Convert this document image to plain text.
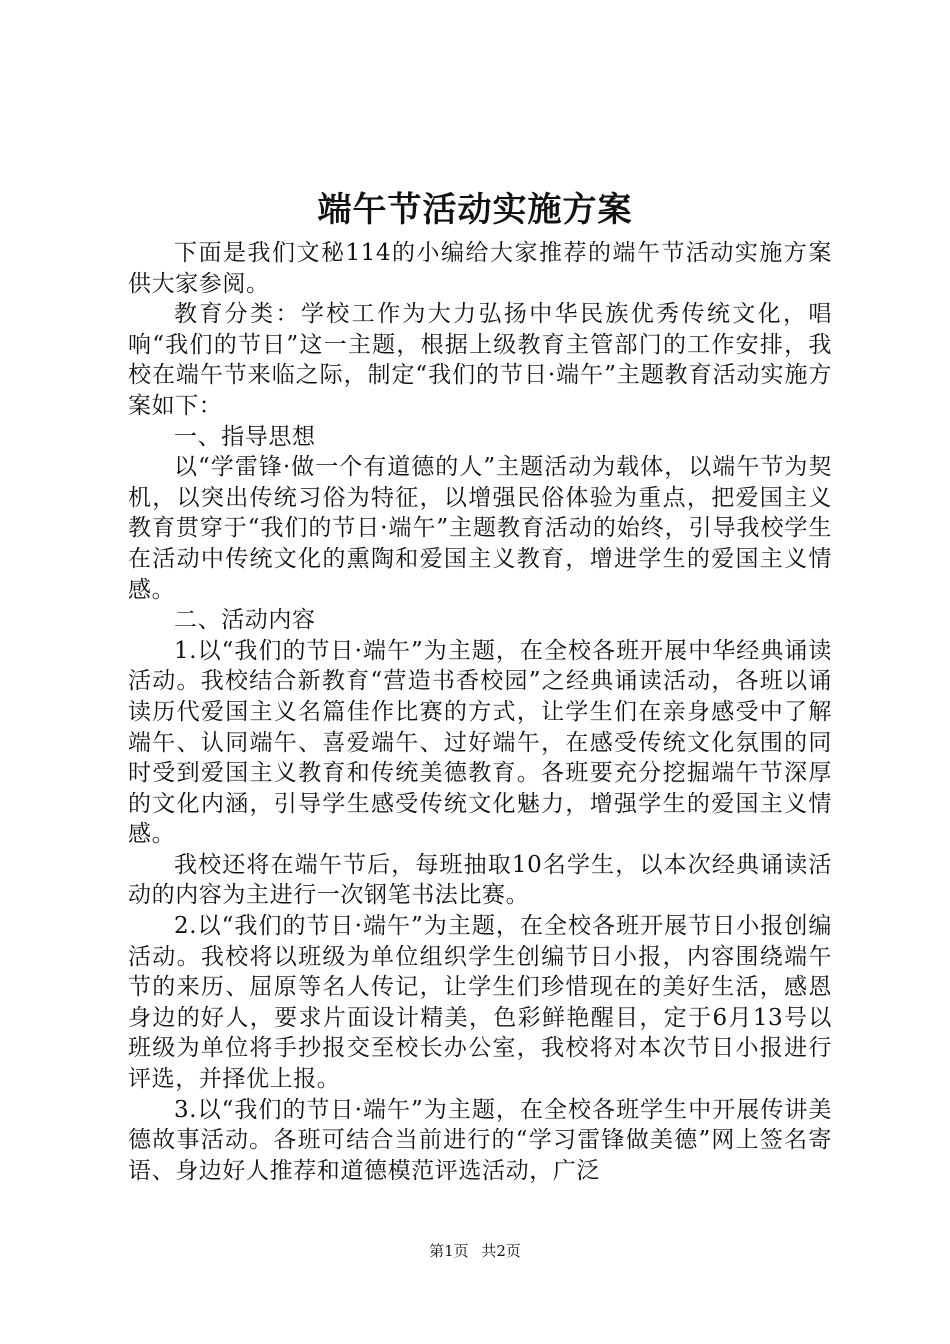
端午节活动实施方案

下面是我们文秘114的小编给大家推荐的端午节活动实施方案供大家参阅。

教育分类：学校工作为大力弘扬中华民族优秀传统文化，唱响“我们的节日”这一主题，根据上级教育主管部门的工作安排，我校在端午节来临之际，制定“我们的节日·端午”主题教育活动实施方案如下：

一、指导思想

以“学雷锋·做一个有道德的人”主题活动为载体，以端午节为契机，以突出传统习俗为特征，以增强民俗体验为重点，把爱国主义教育贯穿于“我们的节日·端午”主题教育活动的始终，引导我校学生在活动中传统文化的熏陶和爱国主义教育，增进学生的爱国主义情感。

二、活动内容

1.以“我们的节日·端午”为主题，在全校各班开展中华经典诵读活动。我校结合新教育“营造书香校园”之经典诵读活动，各班以诵读历代爱国主义名篇佳作比赛的方式，让学生们在亲身感受中了解端午、认同端午、喜爱端午、过好端午，在感受传统文化氛围的同时受到爱国主义教育和传统美德教育。各班要充分挖掘端午节深厚的文化内涵，引导学生感受传统文化魅力，增强学生的爱国主义情感。

我校还将在端午节后，每班抽取10名学生，以本次经典诵读活动的内容为主进行一次钢笔书法比赛。

2.以“我们的节日·端午”为主题，在全校各班开展节日小报创编活动。我校将以班级为单位组织学生创编节日小报，内容围绕端午节的来历、屈原等名人传记，让学生们珍惜现在的美好生活，感恩身边的好人，要求片面设计精美，色彩鲜艳醒目，定于6月13号以班级为单位将手抄报交至校长办公室，我校将对本次节日小报进行评选，并择优上报。

3.以“我们的节日·端午”为主题，在全校各班学生中开展传讲美德故事活动。各班可结合当前进行的“学习雷锋做美德”网上签名寄语、身边好人推荐和道德模范评选活动，广泛

第1页 共2页
